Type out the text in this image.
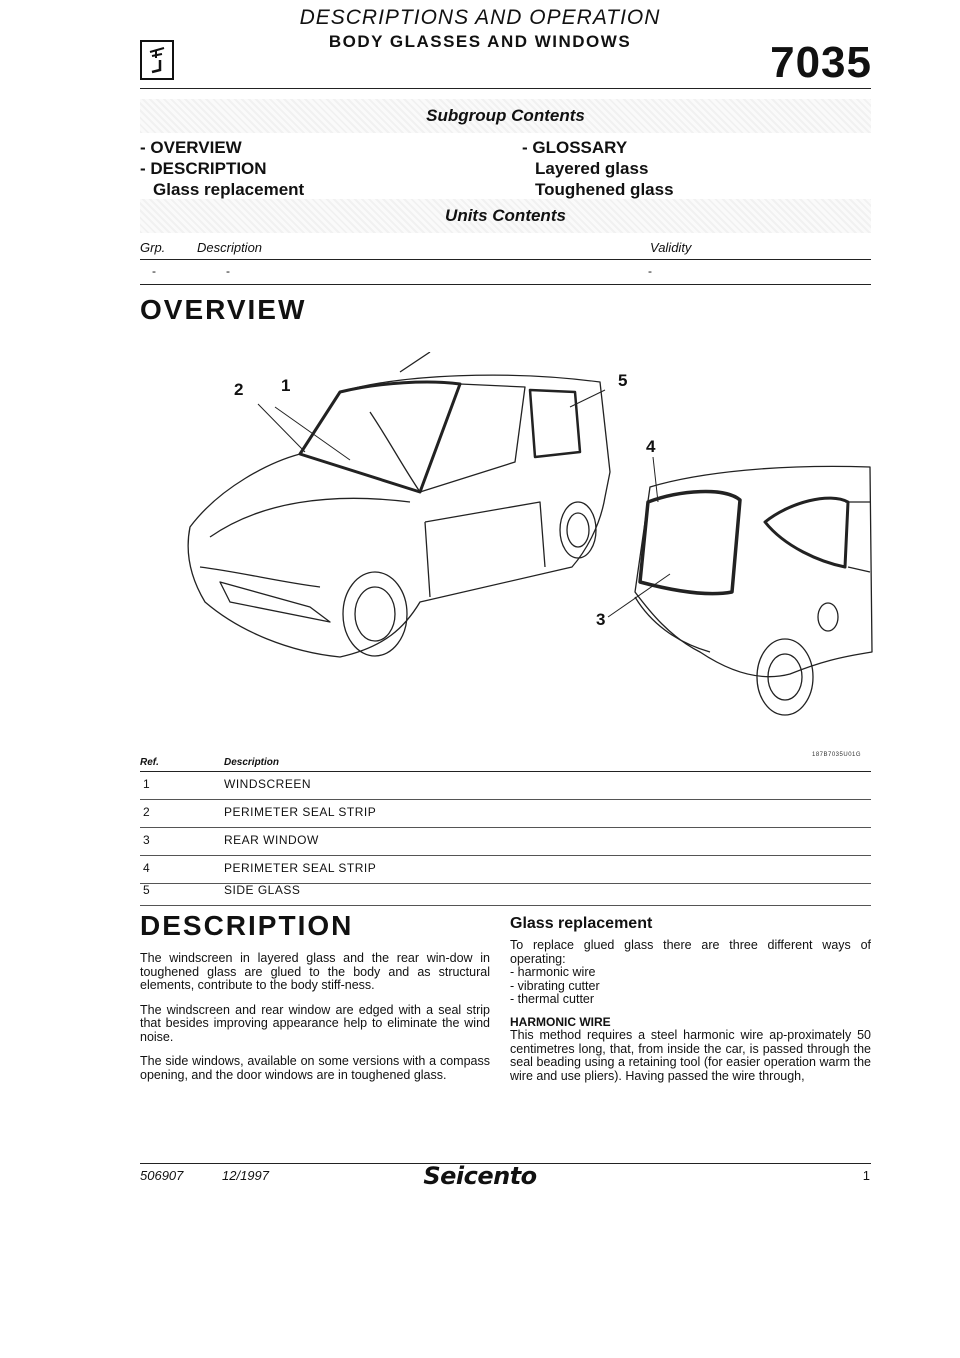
DESCRIPTIONS AND OPERATION
BODY GLASSES AND WINDOWS	7035
Subgroup Contents
- OVERVIEW
- DESCRIPTION
Glass replacement
- GLOSSARY
Layered glass
Toughened glass
Units Contents
Grp. Description	Validity
-	-	-
OVERVIEW
2 1	5
4
3
187B7035U01G
Ref.	Description
1	WINDSCREEN
2	PERIMETER SEAL STRIP
3	REAR WINDOW
4	PERIMETER SEAL STRIP
5	SIDE GLASS
DESCRIPTION

The windscreen in layered glass and the rear win-dow in toughened glass are glued to the body and as structural elements, contribute to the body stiff-ness.

The windscreen and rear window are edged with a seal strip that besides improving appearance help to eliminate the wind noise.

The side windows, available on some versions with a compass opening, and the door windows are in toughened glass.

Glass replacement
To replace glued glass there are three different ways of operating:
- harmonic wire
- vibrating cutter
- thermal cutter
HARMONIC WIRE
This method requires a steel harmonic wire ap-proximately 50 centimetres long, that, from inside the car, is passed through the seal beading using a retaining tool (for easier operation warm the wire and use pliers). Having passed the wire through,
506907	12/1997	Seicento	1
